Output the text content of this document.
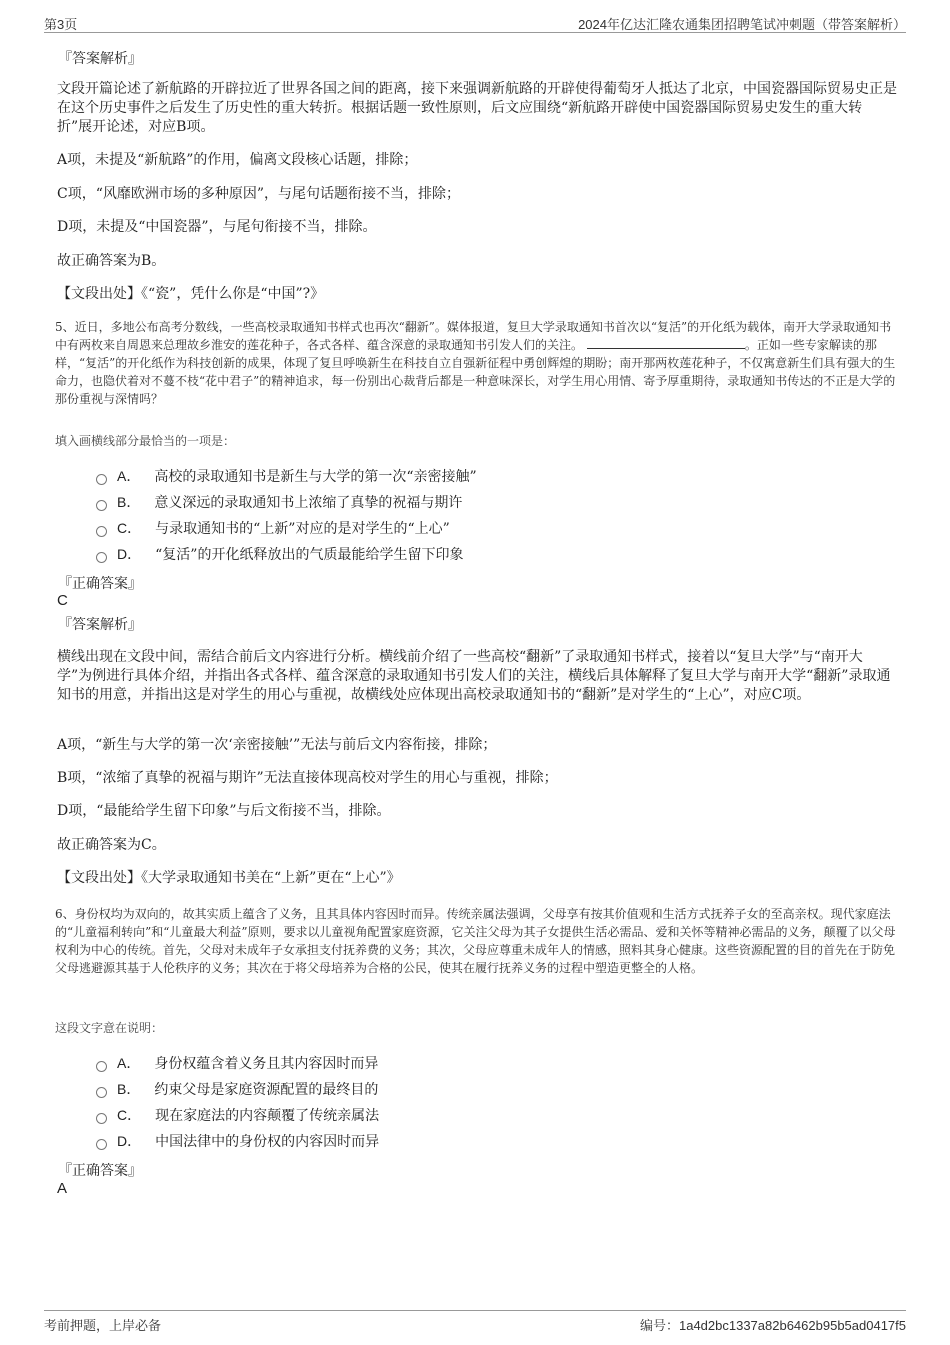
第3页	2024年亿达汇隆农通集团招聘笔试冲刺题（带答案解析）
『答案解析』
文段开篇论述了新航路的开辟拉近了世界各国之间的距离，接下来强调新航路的开辟使得葡萄牙人抵达了北京，中国瓷器国际贸易史正是在这个历史事件之后发生了历史性的重大转折。根据话题一致性原则，后文应围绕“新航路开辟使中国瓷器国际贸易史发生的重大转折”展开论述，对应B项。
A项，未提及“新航路”的作用，偏离文段核心话题，排除；
C项，“风靡欧洲市场的多种原因”，与尾句话题衔接不当，排除；
D项，未提及“中国瓷器”，与尾句衔接不当，排除。
故正确答案为B。
【文段出处】《“瓷”，凭什么你是“中国”?》
5、近日，多地公布高考分数线，一些高校录取通知书样式也再次“翻新”。媒体报道，复旦大学录取通知书首次以“复活”的开化纸为载体，南开大学录取通知书中有两枚来自周恩来总理故乡淮安的莲花种子，各式各样、蕴含深意的录取通知书引发人们的关注。	。正如一些专家解读的那样，“复活”的开化纸作为科技创新的成果，体现了复旦呼唤新生在科技自立自强新征程中勇创辉煌的期盼；南开那两枚莲花种子，不仅寓意新生们具有强大的生命力，也隐伏着对不蔓不枝“花中君子”的精神追求，每一份别出心裁背后都是一种意味深长，对学生用心用情、寄予厚重期待，录取通知书传达的不正是大学的那份重视与深情吗？
填入画横线部分最恰当的一项是：
A． 高校的录取通知书是新生与大学的第一次“亲密接触”
B． 意义深远的录取通知书上浓缩了真挚的祝福与期许
C． 与录取通知书的“上新”对应的是对学生的“上心”
D． “复活”的开化纸释放出的气质最能给学生留下印象
『正确答案』
C
『答案解析』
横线出现在文段中间，需结合前后文内容进行分析。横线前介绍了一些高校“翻新”了录取通知书样式，接着以“复旦大学”与“南开大学”为例进行具体介绍，并指出各式各样、蕴含深意的录取通知书引发人们的关注，横线后具体解释了复旦大学与南开大学“翻新”录取通知书的用意，并指出这是对学生的用心与重视，故横线处应体现出高校录取通知书的“翻新”是对学生的“上心”，对应C项。
A项，“新生与大学的第一次‘亲密接触’”无法与前后文内容衔接，排除；
B项，“浓缩了真挚的祝福与期许”无法直接体现高校对学生的用心与重视，排除；
D项，“最能给学生留下印象”与后文衔接不当，排除。
故正确答案为C。
【文段出处】《大学录取通知书美在“上新”更在“上心”》
6、身份权均为双向的，故其实质上蕴含了义务，且其具体内容因时而异。传统亲属法强调，父母享有按其价值观和生活方式抚养子女的至高亲权。现代家庭法的“儿童福利转向”和“儿童最大利益”原则，要求以儿童视角配置家庭资源，它关注父母为其子女提供生活必需品、爱和关怀等精神必需品的义务，颠覆了以父母权利为中心的传统。首先，父母对未成年子女承担支付抚养费的义务；其次，父母应尊重未成年人的情感，照料其身心健康。这些资源配置的目的首先在于防免父母逃避源其基于人伦秩序的义务；其次在于将父母培养为合格的公民，使其在履行抚养义务的过程中塑造更整全的人格。
这段文字意在说明：
A． 身份权蕴含着义务且其内容因时而异
B． 约束父母是家庭资源配置的最终目的
C． 现在家庭法的内容颠覆了传统亲属法
D． 中国法律中的身份权的内容因时而异
『正确答案』
A
考前押题，上岸必备	编号：1a4d2bc1337a82b6462b95b5ad0417f5
